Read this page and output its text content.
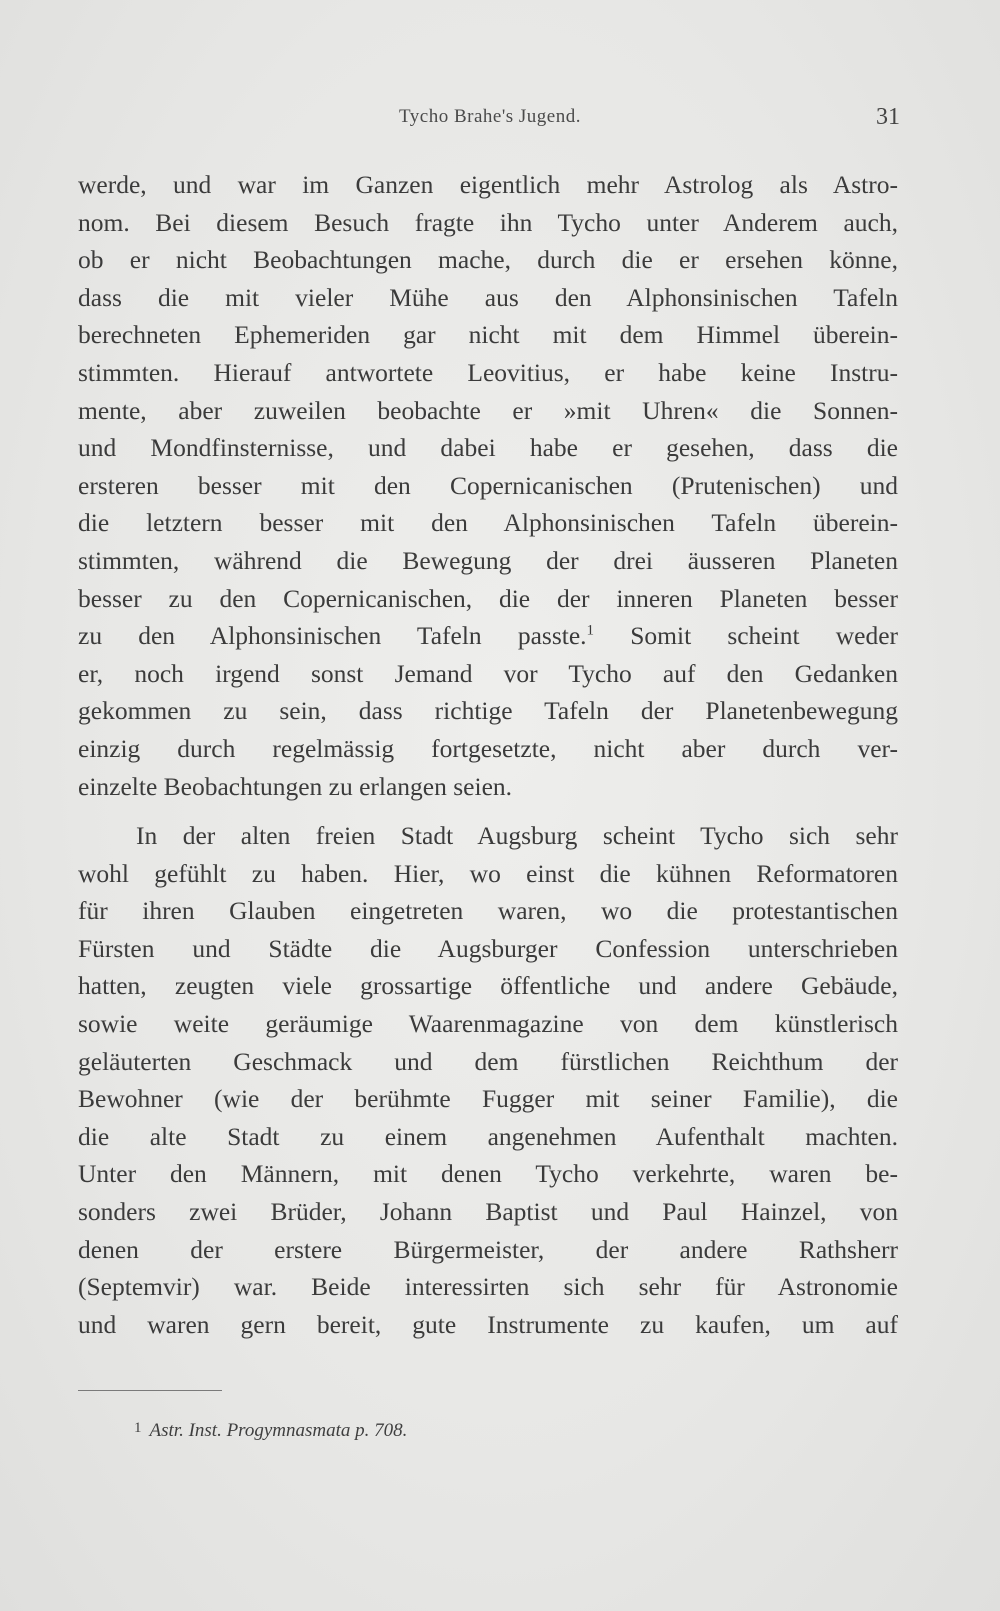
Tycho Brahe's Jugend.	31
werde, und war im Ganzen eigentlich mehr Astrolog als Astro-
nom. Bei diesem Besuch fragte ihn Tycho unter Anderem auch,
ob er nicht Beobachtungen mache, durch die er ersehen könne,
dass die mit vieler Mühe aus den Alphonsinischen Tafeln
berechneten Ephemeriden gar nicht mit dem Himmel überein-
stimmten. Hierauf antwortete Leovitius, er habe keine Instru-
mente, aber zuweilen beobachte er »mit Uhren« die Sonnen-
und Mondfinsternisse, und dabei habe er gesehen, dass die
ersteren besser mit den Copernicanischen (Prutenischen) und
die letztern besser mit den Alphonsinischen Tafeln überein-
stimmten, während die Bewegung der drei äusseren Planeten
besser zu den Copernicanischen, die der inneren Planeten besser
zu den Alphonsinischen Tafeln passte.$^1$ Somit scheint weder
er, noch irgend sonst Jemand vor Tycho auf den Gedanken
gekommen zu sein, dass richtige Tafeln der Planetenbewegung
einzig durch regelmässig fortgesetzte, nicht aber durch ver-
einzelte Beobachtungen zu erlangen seien.
In der alten freien Stadt Augsburg scheint Tycho sich sehr
wohl gefühlt zu haben. Hier, wo einst die kühnen Reformatoren
für ihren Glauben eingetreten waren, wo die protestantischen
Fürsten und Städte die Augsburger Confession unterschrieben
hatten, zeugten viele grossartige öffentliche und andere Gebäude,
sowie weite geräumige Waarenmagazine von dem künstlerisch
geläuterten Geschmack und dem fürstlichen Reichthum der
Bewohner (wie der berühmte Fugger mit seiner Familie), die
die alte Stadt zu einem angenehmen Aufenthalt machten.
Unter den Männern, mit denen Tycho verkehrte, waren be-
sonders zwei Brüder, Johann Baptist und Paul Hainzel, von
denen der erstere Bürgermeister, der andere Rathsherr
(Septemvir) war. Beide interessirten sich sehr für Astronomie
und waren gern bereit, gute Instrumente zu kaufen, um auf
$^1$ Astr. Inst. Progymnasmata p. 708.
